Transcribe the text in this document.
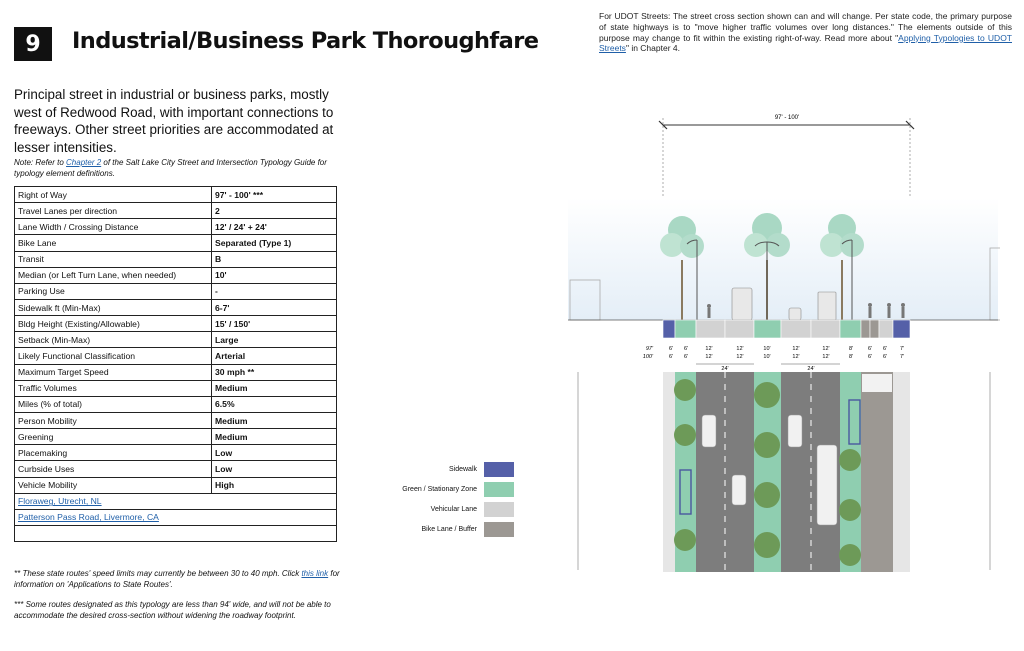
9	Industrial/Business Park Thoroughfare
Principal street in industrial or business parks, mostly west of Redwood Road, with important connections to freeways. Other street priorities are accommodated at lesser intensities.
Note: Refer to Chapter 2 of the Salt Lake City Street and Intersection Typology Guide for typology element definitions.
Right of Way	97' - 100' ***
Travel Lanes per direction	2
Lane Width / Crossing Distance	12' / 24' + 24'
Bike Lane	Separated (Type 1)
Transit	B
Median (or Left Turn Lane, when needed)	10'
Parking Use	-
Sidewalk ft (Min-Max)	6-7'
Bldg Height (Existing/Allowable)	15' / 150'
Setback (Min-Max)	Large
Likely Functional Classification	Arterial
Maximum Target Speed	30 mph **
Traffic Volumes	Medium
Miles (% of total)	6.5%
Person Mobility	Medium
Greening	Medium
Placemaking	Low
Curbside Uses	Low
Vehicle Mobility	High
Floraweg, Utrecht, NL	
Patterson Pass Road, Livermore, CA	

** These state routes' speed limits may currently be between 30 to 40 mph. Click this link for information on 'Applications to State Routes'.
*** Some routes designated as this typology are less than 94' wide, and will not be able to accommodate the desired cross-section without widening the roadway footprint.
For UDOT Streets: The street cross section shown can and will change. Per state code, the primary purpose of state highways is to "move higher traffic volumes over long distances." The elements outside of this purpose may change to fit within the existing right-of-way. Read more about "Applying Typologies to UDOT Streets" in Chapter 4.
Sidewalk
Green / Stationary Zone
Vehicular Lane
Bike Lane / Buffer
97' - 100'
97'	6' 6'	12'	12'	10'	12'	12'	8'	6' 6' 7'
100'	6' 6'	12'	12'	10'	12'	12'	8'	6' 6' 7'
24'	24'
